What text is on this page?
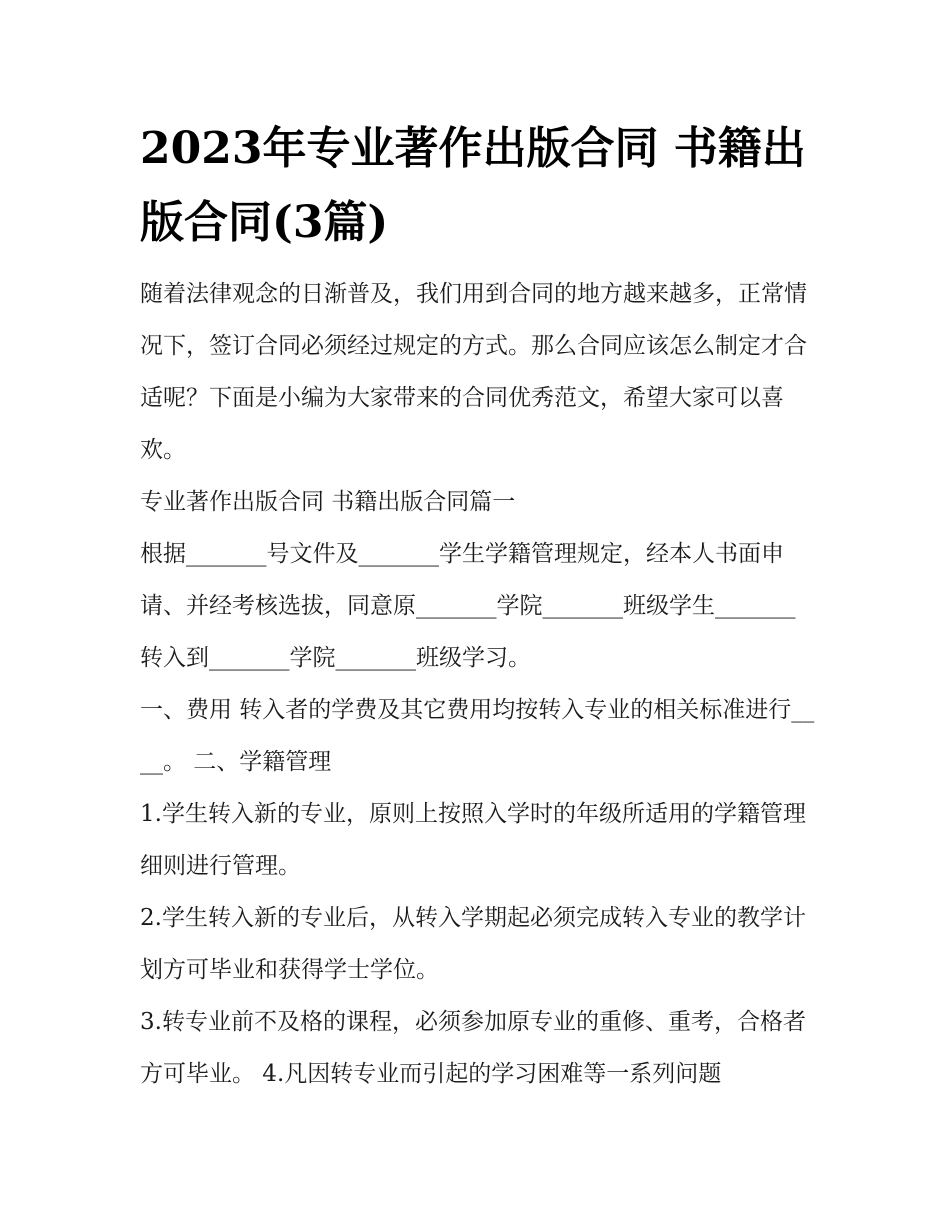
2023年专业著作出版合同 书籍出版合同(3篇)

随着法律观念的日渐普及，我们用到合同的地方越来越多，正常情况下，签订合同必须经过规定的方式。那么合同应该怎么制定才合适呢？下面是小编为大家带来的合同优秀范文，希望大家可以喜欢。

专业著作出版合同 书籍出版合同篇一

根据_______号文件及_______学生学籍管理规定，经本人书面申请、并经考核选拔，同意原_______学院_______班级学生_______转入到_______学院_______班级学习。

一、费用 转入者的学费及其它费用均按转入专业的相关标准进行____。 二、学籍管理

1.学生转入新的专业，原则上按照入学时的年级所适用的学籍管理细则进行管理。

2.学生转入新的专业后，从转入学期起必须完成转入专业的教学计划方可毕业和获得学士学位。

3.转专业前不及格的课程，必须参加原专业的重修、重考，合格者方可毕业。 4.凡因转专业而引起的学习困难等一系列问题
